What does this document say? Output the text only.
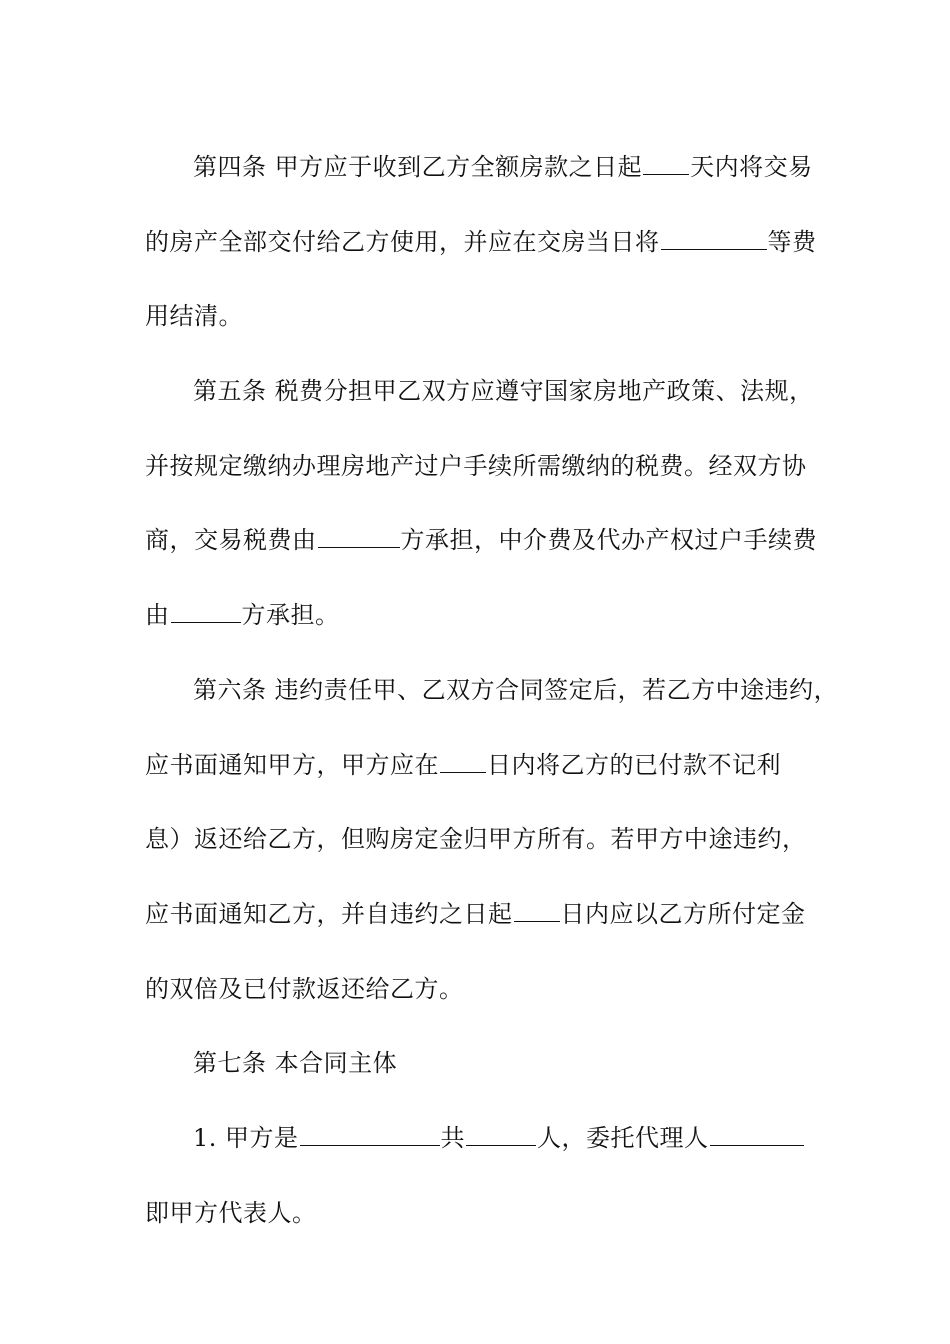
第四条 甲方应于收到乙方全额房款之日起 天内将交易
的房产全部交付给乙方使用，并应在交房当日将	等费
用结清。
第五条 税费分担甲乙双方应遵守国家房地产政策、法规，
并按规定缴纳办理房地产过户手续所需缴纳的税费。经双方协
商，交易税费由	方承担，中介费及代办产权过户手续费
由	方承担。
第六条 违约责任甲、乙双方合同签定后，若乙方中途违约，
应书面通知甲方，甲方应在 日内将乙方的已付款不记利
息）返还给乙方，但购房定金归甲方所有。若甲方中途违约，
应书面通知乙方，并自违约之日起 日内应以乙方所付定金
的双倍及已付款返还给乙方。
第七条 本合同主体
1. 甲方是	共	人，委托代理人
即甲方代表人。
